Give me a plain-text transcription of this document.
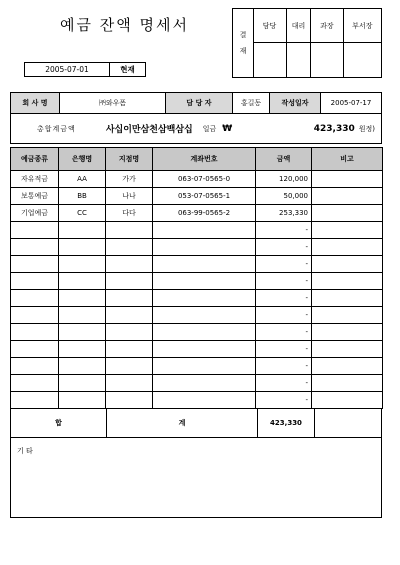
예금 잔액 명세서
결
재
담당	대리	과장	부서장
2005-07-01	현재
회 사 명	㈜와우폼	담 당 자	홍길동	작성일자	2005-07-17
총합계금액	사십이만삼천삼백삼십 일금 ₩	423,330 원정)
예금종류	은행명	지점명	계좌번호	금액	비고
자유적금	AA	가가	063-07-0565-0	120,000	
보통예금	BB	나나	053-07-0565-1	50,000	
기업예금	CC	다다	063-99-0565-2	253,330	
				-	
				-	
				-	
				-	
				-	
				-	
				-	
				-	
				-	
				-	
				-	
합	계	423,330
기 타
